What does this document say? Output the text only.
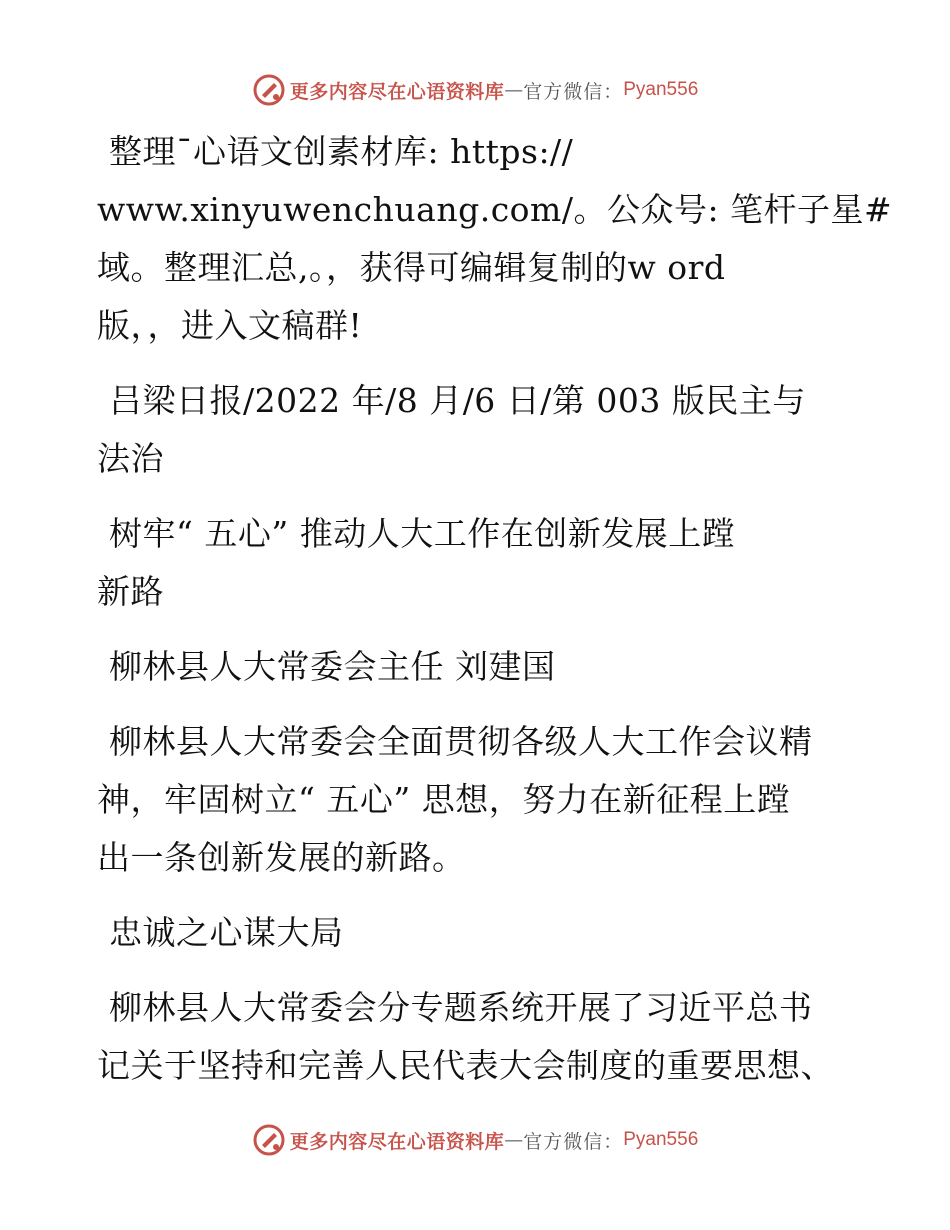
更多内容尽在心语资料库 — 官方微信： Pyan556
整理¯心语文创素材库: https://
www.xinyuwenchuang.com/。公众号: 笔杆子星#
域。整理汇总,。，获得可编辑复制的w ord
版，，进入文稿群!
吕梁日报/2022 年/8 月/6 日/第 003 版民主与
法治
树牢“ 五心” 推动人大工作在创新发展上蹚
新路
柳林县人大常委会主任 刘建国
柳林县人大常委会全面贯彻各级人大工作会议精
神，牢固树立“ 五心” 思想，努力在新征程上蹚
出一条创新发展的新路。
忠诚之心谋大局
柳林县人大常委会分专题系统开展了习近平总书
记关于坚持和完善人民代表大会制度的重要思想、
更多内容尽在心语资料库 — 官方微信： Pyan556
